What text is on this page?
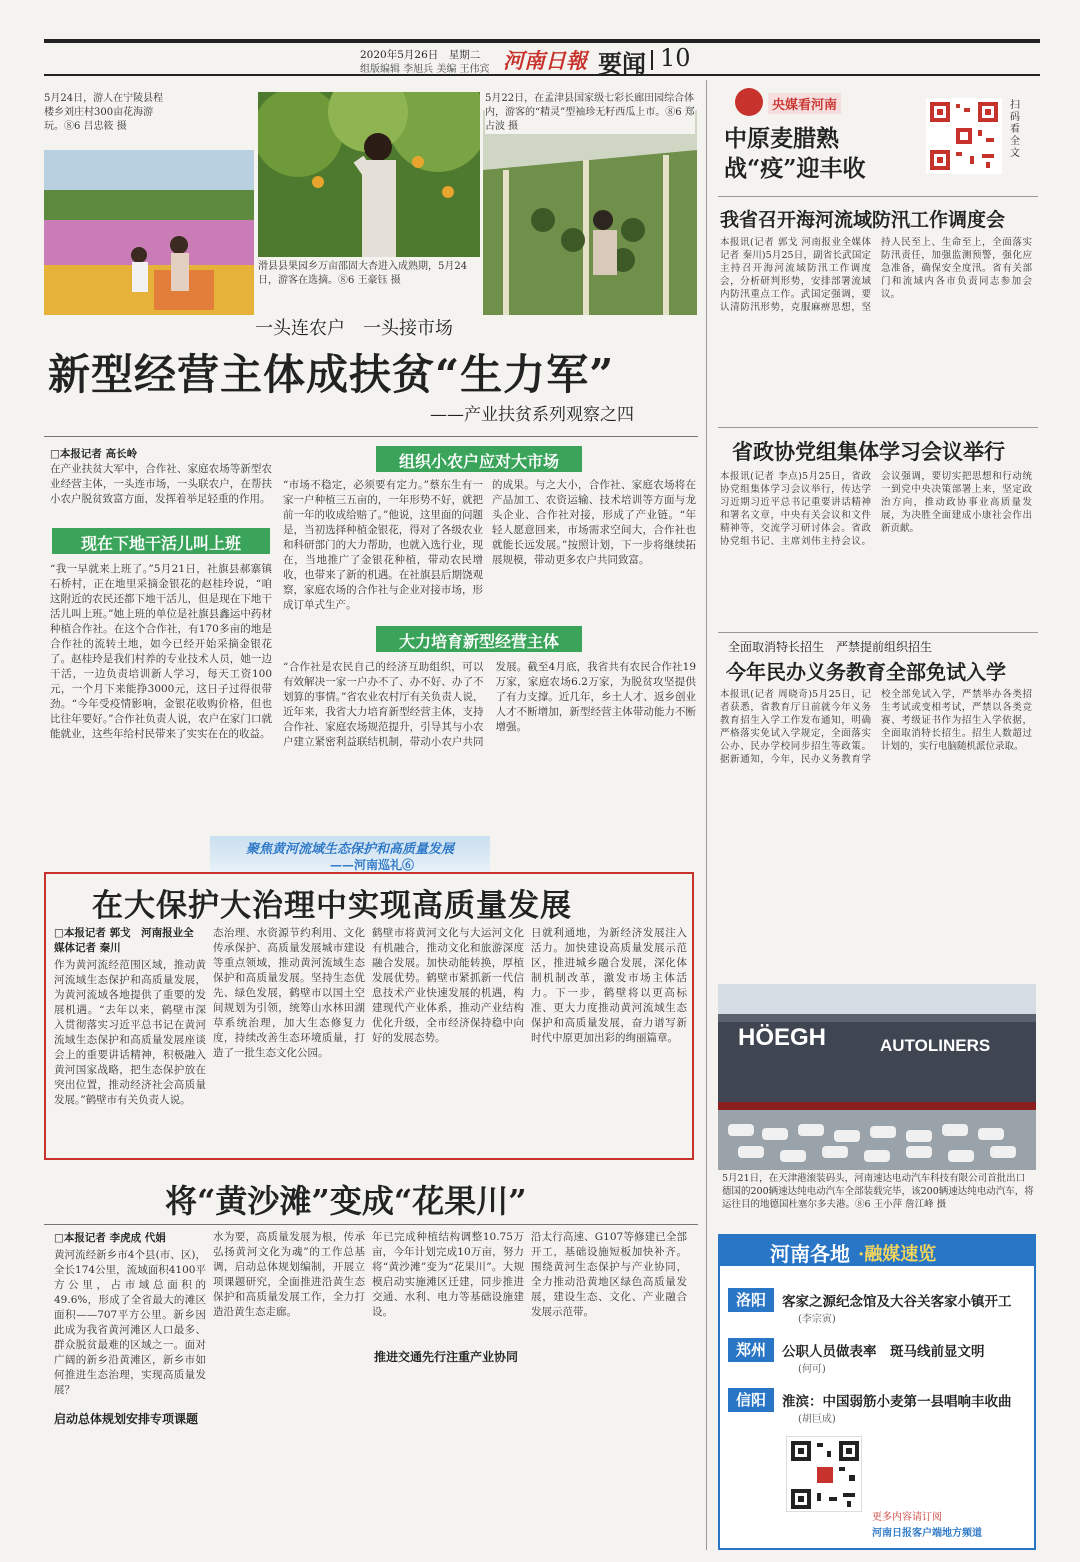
2020年5月26日　星期二
组版编辑 李旭兵 美编 王伟宾 河南日報 要闻 10
5月24日，游人在宁陵县程楼乡刘庄村300亩花海游玩。⑧6 吕忠筱 摄
5月22日，在孟津县国家级七彩长廊田园综合体内，游客的“精灵”型袖珍无籽西瓜上市。⑧6 郑占波 摄
滑县县果园乡万亩邵固大杏进入成熟期，5月24日，游客在选摘。⑧6 王豪钰 摄
一头连农户　一头接市场
新型经营主体成扶贫“生力军”
——产业扶贫系列观察之四
□本报记者 高长岭
在产业扶贫大军中，合作社、家庭农场等新型农业经营主体，一头连市场，一头联农户，在帮扶小农户脱贫致富方面，发挥着举足轻重的作用。
现在下地干活儿叫上班
“我一早就来上班了。”5月21日，社旗县郝寨镇石桥村，正在地里采摘金银花的赵桂玲说，“咱这附近的农民还都下地干活儿，但是现在下地干活儿叫上班。”她上班的单位是社旗县鑫运中药材种植合作社。在这个合作社，有170多亩的地是合作社的流转土地，如今已经开始采摘金银花了。赵桂玲是我们村养的专业技术人员，她一边干活，一边负责培训新人学习，每天工资100元，一个月下来能挣3000元，这日子过得很带劲。“今年受疫情影响，金银花收购价格，但也比往年要好。”合作社负责人说，农户在家门口就能就业，这些年给村民带来了实实在在的收益。
组织小农户应对大市场
“市场不稳定，必须要有定力。”蔡东生有一家一户种植三五亩的，一年形势不好，就把前一年的收成给赔了。”他说，这里面的问题是，当初选择种植金银花，得对了各级农业和科研部门的大力帮助，也就入选行业，现在，当地推广了金银花种植，带动农民增收，也带来了新的机遇。在社旗县后期饶观察，家庭农场的合作社与企业对接市场，形成订单式生产。
的成果。与之大小，合作社、家庭农场将在产品加工、农资运输、技术培训等方面与龙头企业、合作社对接，形成了产业链。“年轻人愿意回来，市场需求空间大，合作社也就能长远发展。”按照计划，下一步将继续拓展规模，带动更多农户共同致富。
大力培育新型经营主体
“合作社是农民自己的经济互助组织，可以有效解决一家一户办不了、办不好、办了不划算的事情。”省农业农村厅有关负责人说，近年来，我省大力培育新型经营主体，支持合作社、家庭农场规范提升，引导其与小农户建立紧密利益联结机制，带动小农户共同发展。截至4月底，我省共有农民合作社19万家，家庭农场6.2万家，为脱贫攻坚提供了有力支撑。近几年，乡土人才、返乡创业人才不断增加，新型经营主体带动能力不断增强。
聚焦黄河流域生态保护和高质量发展
——河南巡礼⑥
在大保护大治理中实现高质量发展
□本报记者 郭戈　河南报业全媒体记者 秦川
作为黄河流经范围区域，推动黄河流域生态保护和高质量发展，为黄河流域各地提供了重要的发展机遇。“去年以来，鹤壁市深入贯彻落实习近平总书记在黄河流域生态保护和高质量发展座谈会上的重要讲话精神，积极融入黄河国家战略，把生态保护放在突出位置，推动经济社会高质量发展。”鹤壁市有关负责人说。
态治理、水资源节约利用、文化传承保护、高质量发展城市建设等重点领域，推动黄河流域生态保护和高质量发展。坚持生态优先、绿色发展，鹤壁市以国土空间规划为引领，统筹山水林田湖草系统治理，加大生态修复力度，持续改善生态环境质量，打造了一批生态文化公园。
鹤壁市将黄河文化与大运河文化有机融合，推动文化和旅游深度融合发展。加快动能转换，厚植发展优势。鹤壁市紧抓新一代信息技术产业快速发展的机遇，构建现代产业体系，推动产业结构优化升级，全市经济保持稳中向好的发展态势。
日就利通地，为新经济发展注入活力。加快建设高质量发展示范区，推进城乡融合发展，深化体制机制改革，激发市场主体活力。下一步，鹤壁将以更高标准、更大力度推动黄河流域生态保护和高质量发展，奋力谱写新时代中原更加出彩的绚丽篇章。
将“黄沙滩”变成“花果川”
□本报记者 李虎成 代娟
黄河流经新乡市4个县(市、区)，全长174公里，流域面积4100平方公里，占市域总面积的49.6%，形成了全省最大的滩区面积——707平方公里。新乡因此成为我省黄河滩区人口最多、群众脱贫最难的区域之一。面对广阔的新乡沿黄滩区，新乡市如何推进生态治理，实现高质量发展？
启动总体规划安排专项课题
水为要，高质量发展为根，传承弘扬黄河文化为魂”的工作总基调，启动总体规划编制，开展立项课题研究，全面推进沿黄生态保护和高质量发展工作，全力打造沿黄生态走廊。
年已完成种植结构调整10.75万亩，今年计划完成10万亩，努力将“黄沙滩”变为“花果川”。大规模启动实施滩区迁建，同步推进交通、水利、电力等基础设施建设。
推进交通先行注重产业协同
沿太行高速、G107等修建已全部开工，基础设施短板加快补齐。围绕黄河生态保护与产业协同，全力推动沿黄地区绿色高质量发展，建设生态、文化、产业融合发展示范带。
央媒看河南
中原麦腊熟　战“疫”迎丰收
扫码看全文
我省召开海河流域防汛工作调度会
本报讯(记者 郭戈 河南报业全媒体记者 秦川)5月25日，副省长武国定主持召开海河流域防汛工作调度会，分析研判形势，安排部署流域内防汛重点工作。武国定强调，要认清防汛形势，克服麻痹思想，坚持人民至上、生命至上，全面落实防汛责任，加强监测预警，强化应急准备，确保安全度汛。省有关部门和流域内各市负责同志参加会议。
省政协党组集体学习会议举行
本报讯(记者 李点)5月25日，省政协党组集体学习会议举行，传达学习近期习近平总书记重要讲话精神和署名文章，中央有关会议和文件精神等，交流学习研讨体会。省政协党组书记、主席刘伟主持会议。会议强调，要切实把思想和行动统一到党中央决策部署上来，坚定政治方向，推动政协事业高质量发展，为决胜全面建成小康社会作出新贡献。
全面取消特长招生　严禁提前组织招生
今年民办义务教育全部免试入学
本报讯(记者 周晓奇)5月25日，记者获悉，省教育厅日前就今年义务教育招生入学工作发布通知，明确严格落实免试入学规定，全面落实公办、民办学校同步招生等政策。据新通知，今年，民办义务教育学校全部免试入学，严禁举办各类招生考试或变相考试，严禁以各类竞赛、考级证书作为招生入学依据，全面取消特长招生。招生人数超过计划的，实行电脑随机派位录取。
HÖEGH	AUTOLINERS
5月21日，在天津港滚装码头，河南速达电动汽车科技有限公司首批出口德国的200辆速达纯电动汽车全部装载完毕，该200辆速达纯电动汽车，将运往目的地德国杜塞尔多夫港。⑧6 王小萍 詹江峰 摄
河南各地 ·融媒速览
洛阳	客家之源纪念馆及大谷关客家小镇开工
(李宗寅)
郑州	公职人员做表率　斑马线前显文明
(何可)
信阳	淮滨：中国弱筋小麦第一县唱响丰收曲
(胡巨成)
更多内容请订阅
河南日报客户端地方频道
